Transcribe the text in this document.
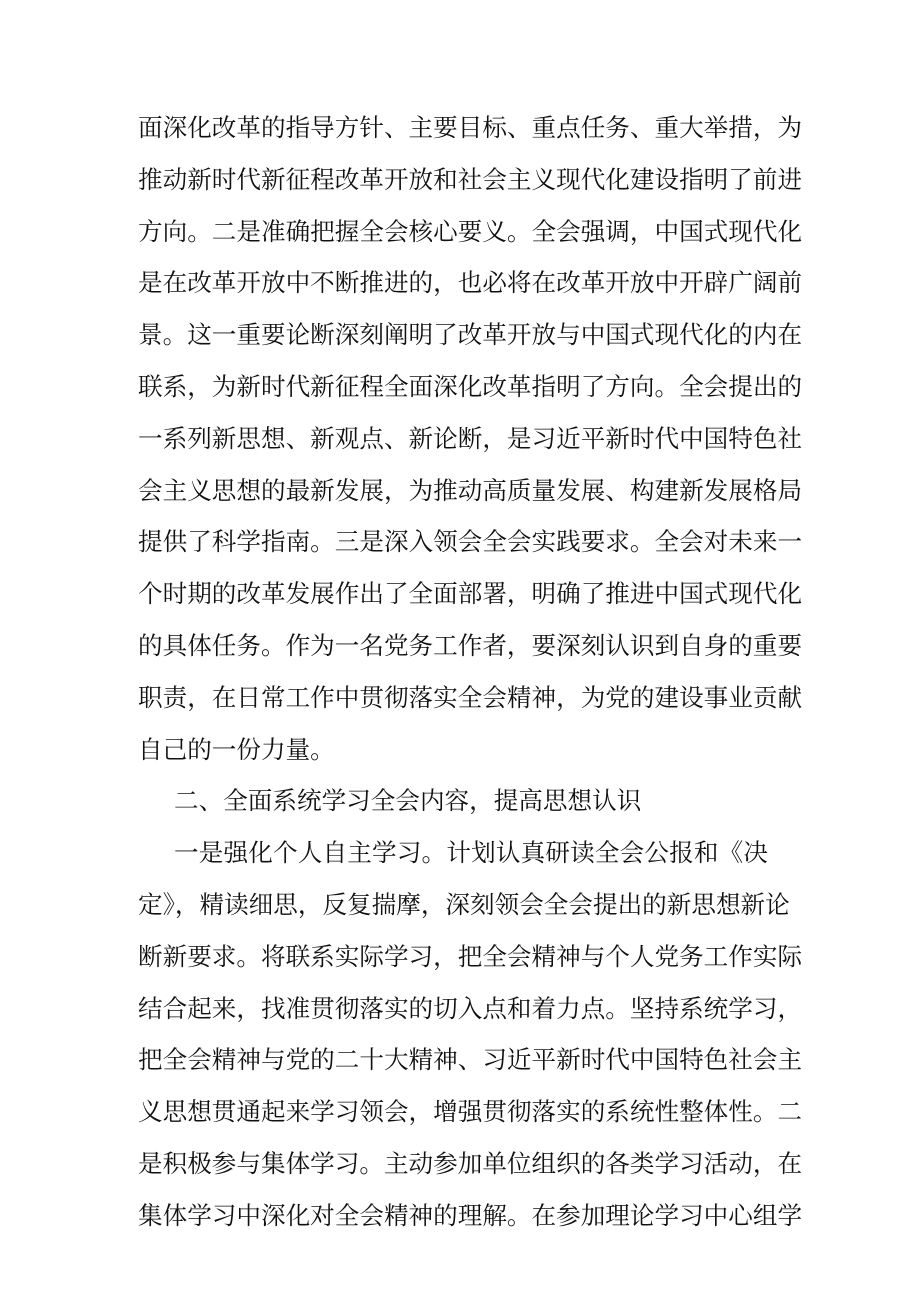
面深化改革的指导方针、主要目标、重点任务、重大举措，为
推动新时代新征程改革开放和社会主义现代化建设指明了前进
方向。二是准确把握全会核心要义。全会强调，中国式现代化
是在改革开放中不断推进的，也必将在改革开放中开辟广阔前
景。这一重要论断深刻阐明了改革开放与中国式现代化的内在
联系，为新时代新征程全面深化改革指明了方向。全会提出的
一系列新思想、新观点、新论断，是习近平新时代中国特色社
会主义思想的最新发展，为推动高质量发展、构建新发展格局
提供了科学指南。三是深入领会全会实践要求。全会对未来一
个时期的改革发展作出了全面部署，明确了推进中国式现代化
的具体任务。作为一名党务工作者，要深刻认识到自身的重要
职责，在日常工作中贯彻落实全会精神，为党的建设事业贡献
自己的一份力量。
二、全面系统学习全会内容，提高思想认识
一是强化个人自主学习。计划认真研读全会公报和《决
定》，精读细思，反复揣摩，深刻领会全会提出的新思想新论
断新要求。将联系实际学习，把全会精神与个人党务工作实际
结合起来，找准贯彻落实的切入点和着力点。坚持系统学习，
把全会精神与党的二十大精神、习近平新时代中国特色社会主
义思想贯通起来学习领会，增强贯彻落实的系统性整体性。二
是积极参与集体学习。主动参加单位组织的各类学习活动，在
集体学习中深化对全会精神的理解。在参加理论学习中心组学
